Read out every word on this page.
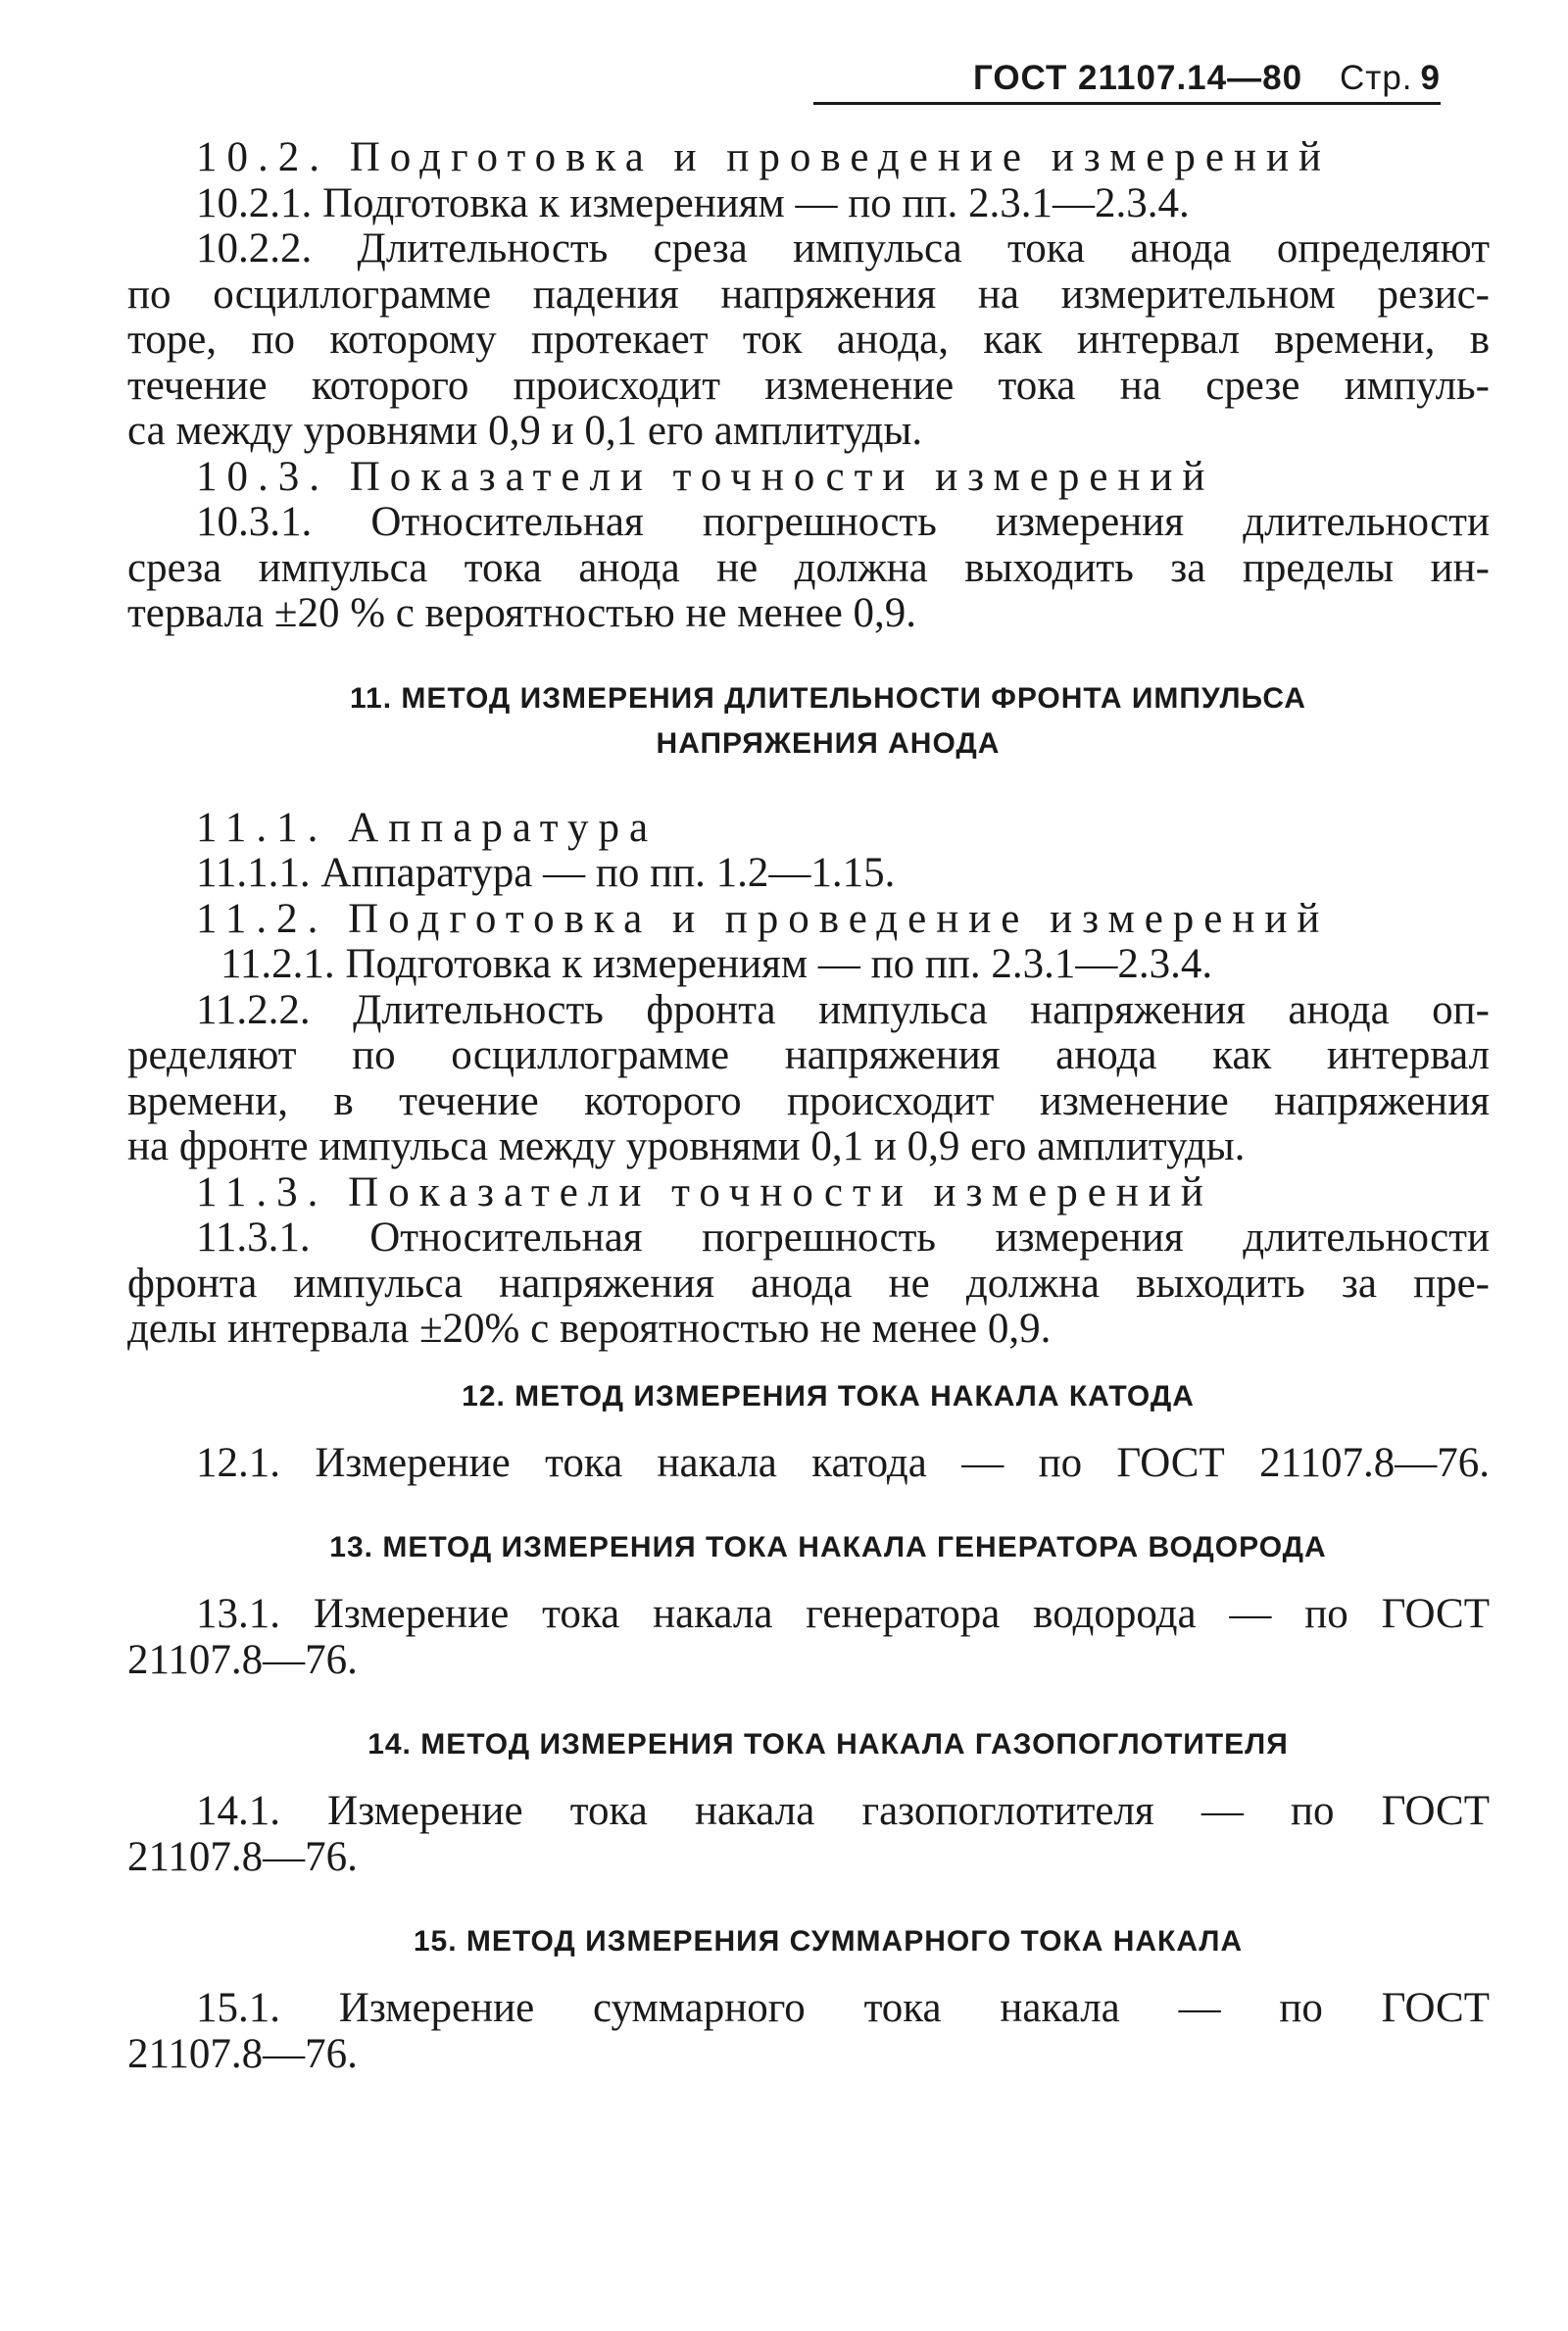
ГОСТ 21107.14—80 Стр. 9
10.2. Подготовка и проведение измерений
10.2.1. Подготовка к измерениям — по пп. 2.3.1—2.3.4.
10.2.2. Длительность среза импульса тока анода определяют
по осциллограмме падения напряжения на измерительном резис-
торе, по которому протекает ток анода, как интервал времени, в
течение которого происходит изменение тока на срезе импуль-
са между уровнями 0,9 и 0,1 его амплитуды.
10.3. Показатели точности измерений
10.3.1. Относительная погрешность измерения длительности
среза импульса тока анода не должна выходить за пределы ин-
тервала ±20 % с вероятностью не менее 0,9.
11. МЕТОД ИЗМЕРЕНИЯ ДЛИТЕЛЬНОСТИ ФРОНТА ИМПУЛЬСА
НАПРЯЖЕНИЯ АНОДА
11.1. Аппаратура
11.1.1. Аппаратура — по пп. 1.2—1.15.
11.2. Подготовка и проведение измерений
11.2.1. Подготовка к измерениям — по пп. 2.3.1—2.3.4.
11.2.2. Длительность фронта импульса напряжения анода оп-
ределяют по осциллограмме напряжения анода как интервал
времени, в течение которого происходит изменение напряжения
на фронте импульса между уровнями 0,1 и 0,9 его амплитуды.
11.3. Показатели точности измерений
11.3.1. Относительная погрешность измерения длительности
фронта импульса напряжения анода не должна выходить за пре-
делы интервала ±20% с вероятностью не менее 0,9.
12. МЕТОД ИЗМЕРЕНИЯ ТОКА НАКАЛА КАТОДА
12.1. Измерение тока накала катода — по ГОСТ 21107.8—76.
13. МЕТОД ИЗМЕРЕНИЯ ТОКА НАКАЛА ГЕНЕРАТОРА ВОДОРОДА
13.1. Измерение тока накала генератора водорода — по ГОСТ
21107.8—76.
14. МЕТОД ИЗМЕРЕНИЯ ТОКА НАКАЛА ГАЗОПОГЛОТИТЕЛЯ
14.1. Измерение тока накала газопоглотителя — по ГОСТ
21107.8—76.
15. МЕТОД ИЗМЕРЕНИЯ СУММАРНОГО ТОКА НАКАЛА
15.1. Измерение суммарного тока накала — по ГОСТ
21107.8—76.
